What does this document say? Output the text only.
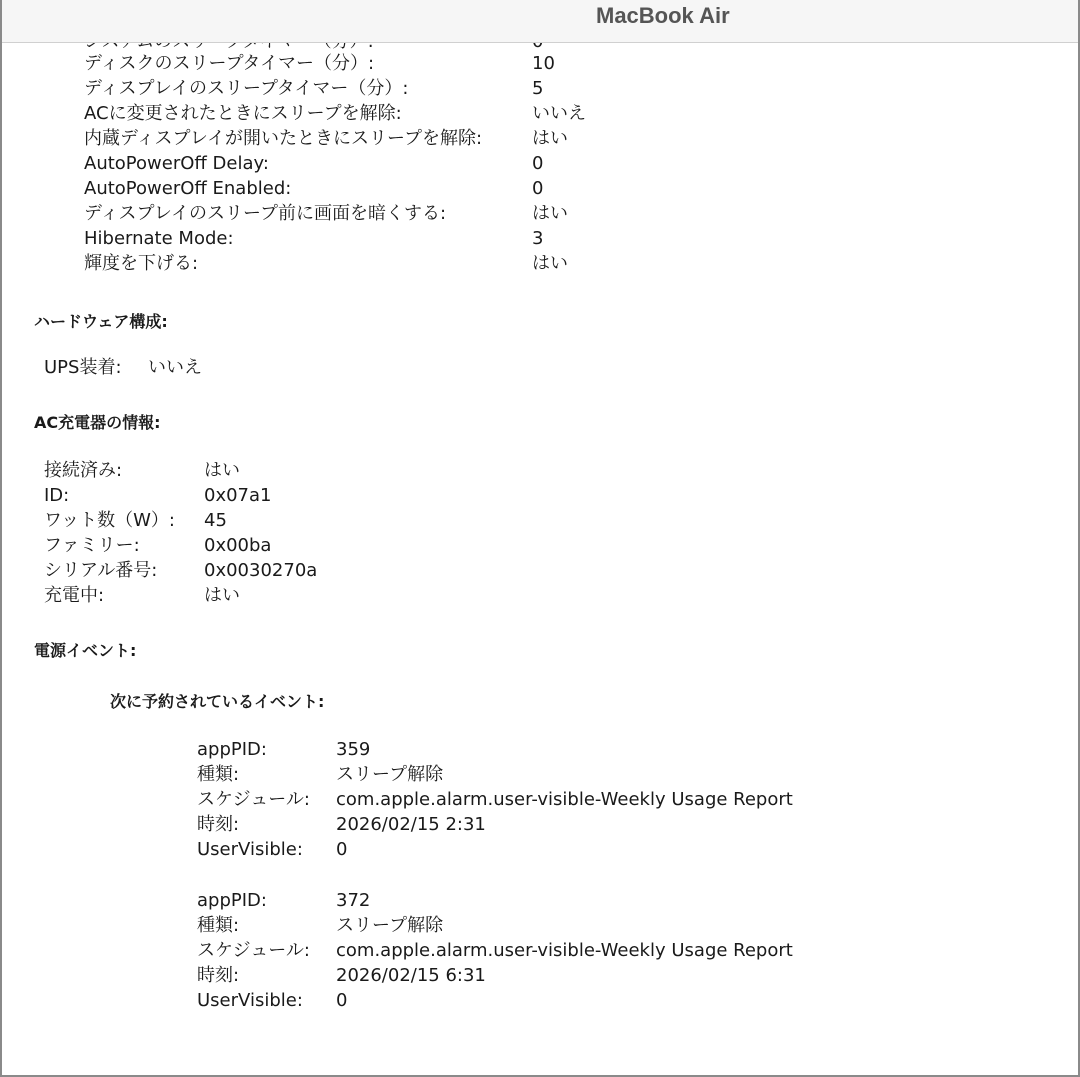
MacBook Air
ディスクのスリープタイマー（分）:	10
ディスプレイのスリープタイマー（分）:	5
ACに変更されたときにスリープを解除:	いいえ
内蔵ディスプレイが開いたときにスリープを解除:	はい
AutoPowerOff Delay:	0
AutoPowerOff Enabled:	0
ディスプレイのスリープ前に画面を暗くする:	はい
Hibernate Mode:	3
輝度を下げる:	はい
ハードウェア構成:
UPS装着: いいえ
AC充電器の情報:
接続済み:	はい
ID:	0x07a1
ワット数（W）: 45
ファミリー:	0x00ba
シリアル番号:	0x0030270a
充電中:	はい
電源イベント:
次に予約されているイベント:
appPID:	359
種類:	スリープ解除
スケジュール: com.apple.alarm.user-visible-Weekly Usage Report
時刻:	2026/02/15 2:31
UserVisible: 0
appPID:	372
種類:	スリープ解除
スケジュール: com.apple.alarm.user-visible-Weekly Usage Report
時刻:	2026/02/15 6:31
UserVisible: 0
